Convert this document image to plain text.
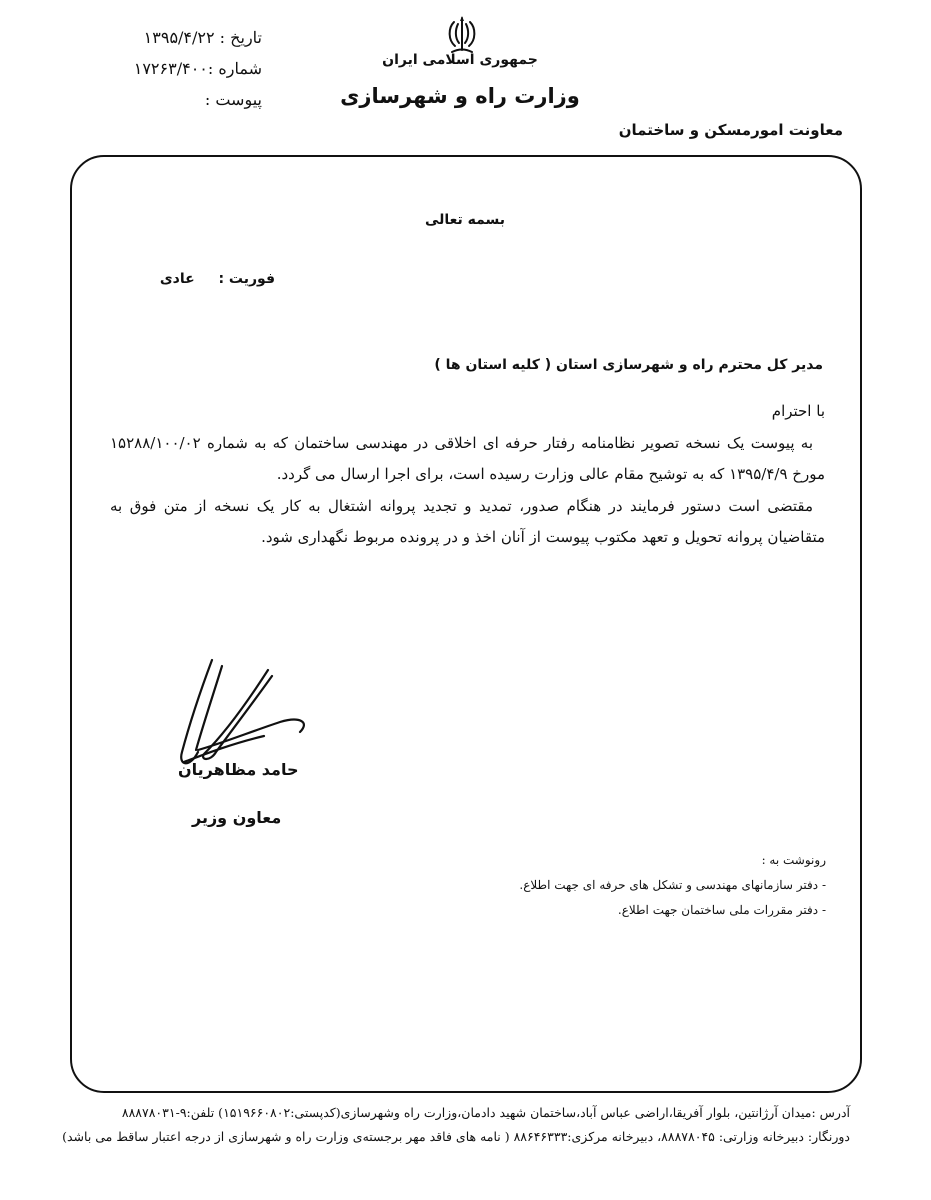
تاریخ : ۱۳۹۵/۴/۲۲
شماره :۱۷۲۶۳/۴۰۰
پیوست :
جمهوری اسلامی ایران
وزارت راه و شهرسازی
معاونت امورمسکن و ساختمان
بسمه تعالی
فوریت :  عادی
مدیر کل محترم راه و شهرسازی استان ( کلیه استان ها )

با احترام

به پیوست یک نسخه تصویر نظامنامه رفتار حرفه ای اخلاقی در مهندسی ساختمان که به شماره ۱۵۲۸۸/۱۰۰/۰۲ مورخ ۱۳۹۵/۴/۹ که به توشیح مقام عالی وزارت رسیده است، برای اجرا ارسال می گردد.

مقتضی است دستور فرمایند در هنگام صدور، تمدید و تجدید پروانه اشتغال به کار یک نسخه از متن فوق به متقاضیان پروانه تحویل و تعهد مکتوب پیوست از آنان اخذ و در پرونده مربوط نگهداری شود.

حامد مظاهریان
معاون وزیر
رونوشت به :
- دفتر سازمانهای مهندسی و تشکل های حرفه ای جهت اطلاع.
- دفتر مقررات ملی ساختمان جهت اطلاع.
آدرس :میدان آرژانتین، بلوار آفریقا،اراضی عباس آباد،ساختمان شهید دادمان،وزارت راه وشهرسازی(کدپستی:۱۵۱۹۶۶۰۸۰۲) تلفن:۹-۸۸۸۷۸۰۳۱
دورنگار: دبیرخانه وزارتی: ۸۸۸۷۸۰۴۵، دبیرخانه مرکزی:۸۸۶۴۶۳۳۳ ( نامه های فاقد مهر برجسته‌ی وزارت راه و شهرسازی از درجه اعتبار ساقط می باشد)
